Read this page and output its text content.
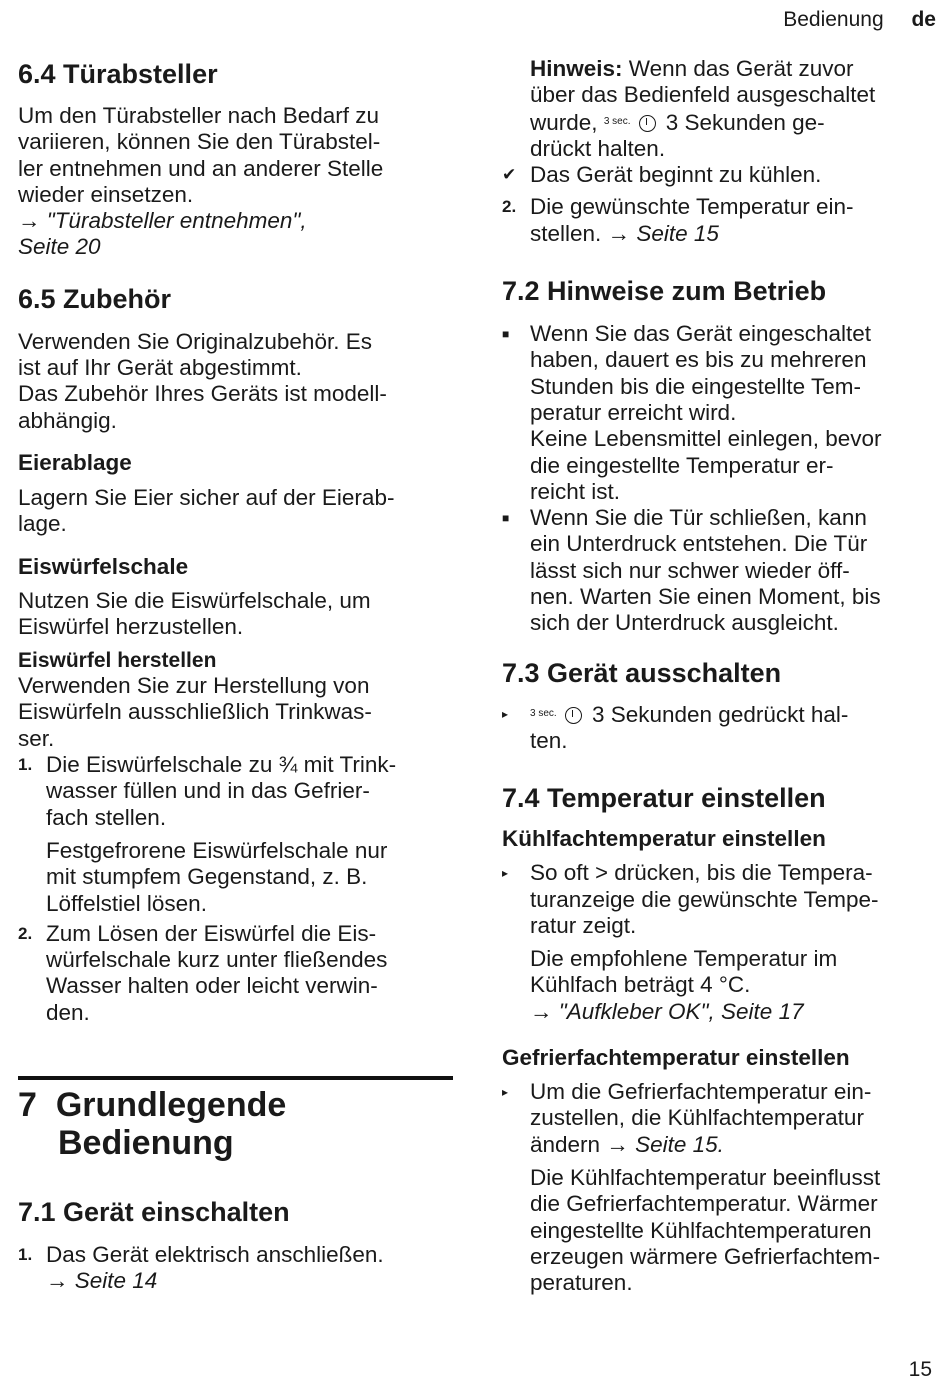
Bedienung de
6.4 Türabsteller

Um den Türabsteller nach Bedarf zu

variieren, können Sie den Türabstel-

ler entnehmen und an anderer Stelle

wieder einsetzen.

→ "Türabsteller entnehmen",

Seite 20

6.5 Zubehör

Verwenden Sie Originalzubehör. Es

ist auf Ihr Gerät abgestimmt.

Das Zubehör Ihres Geräts ist modell-

abhängig.

Eierablage

Lagern Sie Eier sicher auf der Eierab-

lage.

Eiswürfelschale

Nutzen Sie die Eiswürfelschale, um

Eiswürfel herzustellen.

Eiswürfel herstellen

Verwenden Sie zur Herstellung von

Eiswürfeln ausschließlich Trinkwas-

ser.

1. Die Eiswürfelschale zu ¾ mit Trink-

wasser füllen und in das Gefrier-

fach stellen.

Festgefrorene Eiswürfelschale nur

mit stumpfem Gegenstand, z. B.

Löffelstiel lösen.

2. Zum Lösen der Eiswürfel die Eis-

würfelschale kurz unter fließendes

Wasser halten oder leicht verwin-

den.

7 Grundlegende
Bedienung
7.1 Gerät einschalten
1. Das Gerät elektrisch anschließen.

→ Seite 14

Hinweis: Wenn das Gerät zuvor

über das Bedienfeld ausgeschaltet

wurde, $^{3 sec.}$ 3 Sekunden ge-

drückt halten.

✔ Das Gerät beginnt zu kühlen.

2. Die gewünschte Temperatur ein-

stellen. → Seite 15

7.2 Hinweise zum Betrieb
■ Wenn Sie das Gerät eingeschaltet

haben, dauert es bis zu mehreren

Stunden bis die eingestellte Tem-

peratur erreicht wird.

Keine Lebensmittel einlegen, bevor

die eingestellte Temperatur er-

reicht ist.

■ Wenn Sie die Tür schließen, kann

ein Unterdruck entstehen. Die Tür

lässt sich nur schwer wieder öff-

nen. Warten Sie einen Moment, bis

sich der Unterdruck ausgleicht.

7.3 Gerät ausschalten
▸ $^{3 sec.}$ 3 Sekunden gedrückt hal-

ten.

7.4 Temperatur einstellen
Kühlfachtemperatur einstellen
▸ So oft > drücken, bis die Tempera-

turanzeige die gewünschte Tempe-

ratur zeigt.

Die empfohlene Temperatur im

Kühlfach beträgt 4 °C.

→ "Aufkleber OK", Seite 17

Gefrierfachtemperatur einstellen
▸ Um die Gefrierfachtemperatur ein-

zustellen, die Kühlfachtemperatur

ändern → Seite 15.

Die Kühlfachtemperatur beeinflusst

die Gefrierfachtemperatur. Wärmer

eingestellte Kühlfachtemperaturen

erzeugen wärmere Gefrierfachtem-

peraturen.

15
